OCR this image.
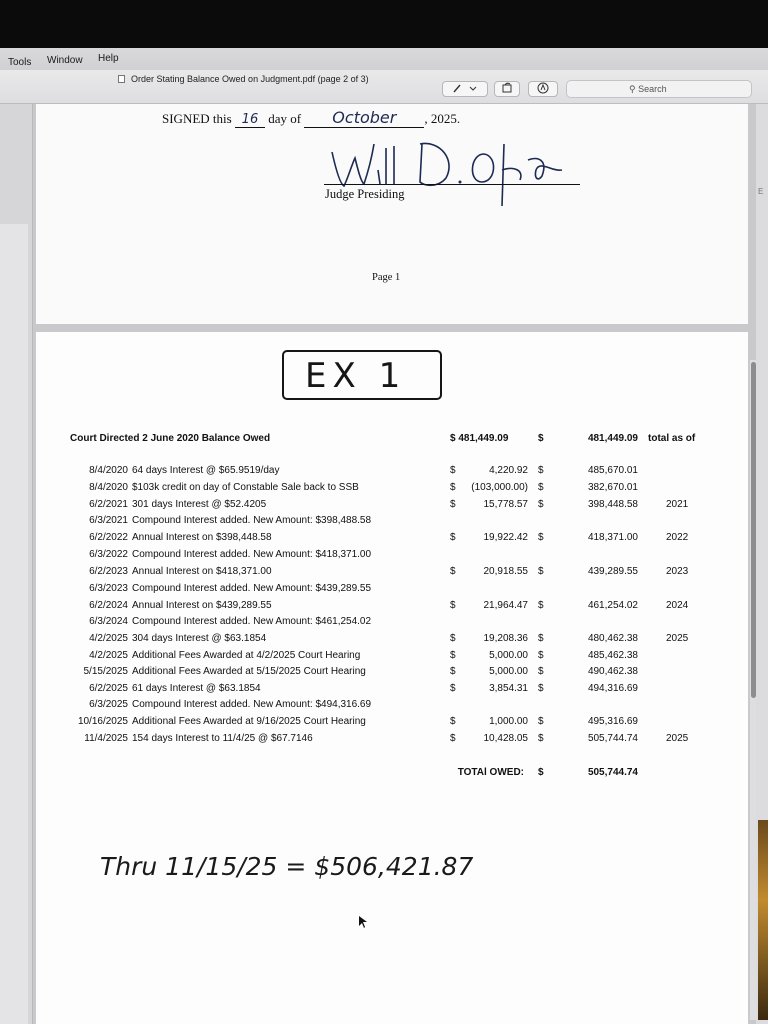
Tools Window Help
Order Stating Balance Owed on Judgment.pdf (page 2 of 3)
⚲ Search
E
SIGNED this 16 day of October , 2025.
Judge Presiding
Page 1
EX 1
Court Directed 2 June 2020 Balance Owed	$ 481,449.09	$	481,449.09 total as of
8/4/2020 64 days Interest @ $65.9519/day	$	4,220.92 $	485,670.01
8/4/2020 $103k credit on day of Constable Sale back to SSB	$	(103,000.00) $	382,670.01
6/2/2021 301 days Interest @ $52.4205	$	15,778.57 $	398,448.58	2021
6/3/2021 Compound Interest added. New Amount: $398,488.58
6/2/2022 Annual Interest on $398,448.58	$	19,922.42 $	418,371.00	2022
6/3/2022 Compound Interest added. New Amount: $418,371.00
6/2/2023 Annual Interest on $418,371.00	$	20,918.55 $	439,289.55	2023
6/3/2023 Compound Interest added. New Amount: $439,289.55
6/2/2024 Annual Interest on $439,289.55	$	21,964.47 $	461,254.02	2024
6/3/2024 Compound Interest added. New Amount: $461,254.02
4/2/2025 304 days Interest @ $63.1854	$	19,208.36 $	480,462.38	2025
4/2/2025 Additional Fees Awarded at 4/2/2025 Court Hearing	$	5,000.00 $	485,462.38
5/15/2025 Additional Fees Awarded at 5/15/2025 Court Hearing	$	5,000.00 $	490,462.38
6/2/2025 61 days Interest @ $63.1854	$	3,854.31 $	494,316.69
6/3/2025 Compound Interest added. New Amount: $494,316.69
10/16/2025 Additional Fees Awarded at 9/16/2025 Court Hearing	$	1,000.00 $	495,316.69
11/4/2025 154 days Interest to 11/4/25 @ $67.7146	$	10,428.05 $	505,744.74	2025
TOTAl OWED: $	505,744.74
Thru 11/15/25 = $506,421.87
